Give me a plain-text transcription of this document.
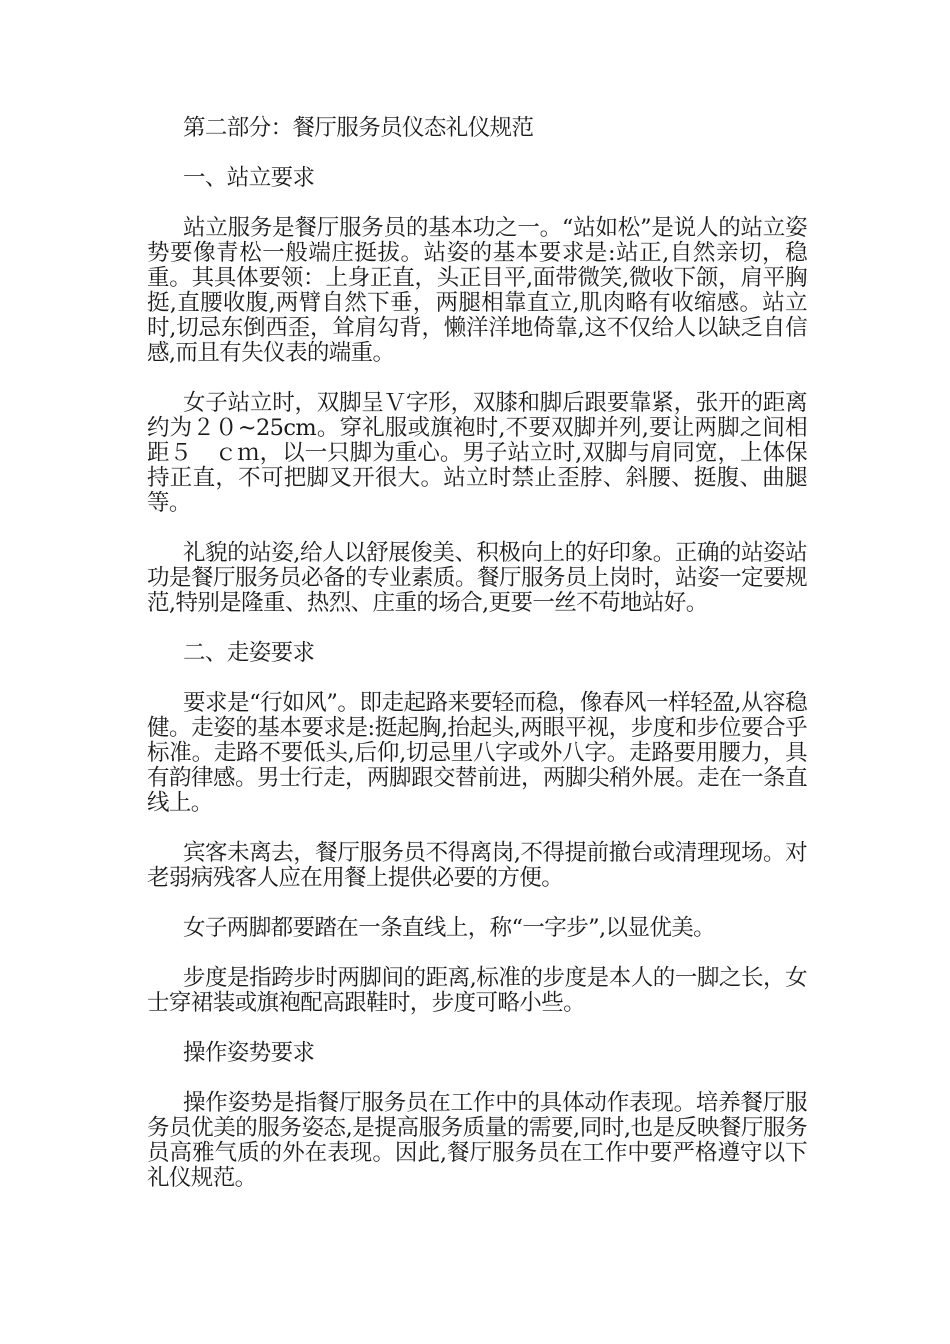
第二部分：餐厅服务员仪态礼仪规范
一、站立要求

站立服务是餐厅服务员的基本功之一。“站如松”是说人的站立姿势要像青松一般端庄挺拔。站姿的基本要求是:站正,自然亲切，稳重。其具体要领：上身正直，头正目平,面带微笑,微收下颌，肩平胸挺,直腰收腹,两臂自然下垂，两腿相靠直立,肌肉略有收缩感。站立时,切忌东倒西歪，耸肩勾背，懒洋洋地倚靠,这不仅给人以缺乏自信感,而且有失仪表的端重。

女子站立时，双脚呈Ｖ字形，双膝和脚后跟要靠紧，张开的距离约为２０~25cm。穿礼服或旗袍时,不要双脚并列,要让两脚之间相距５　ｃｍ，以一只脚为重心。男子站立时,双脚与肩同宽，上体保持正直，不可把脚叉开很大。站立时禁止歪脖、斜腰、挺腹、曲腿等。

礼貌的站姿,给人以舒展俊美、积极向上的好印象。正确的站姿站功是餐厅服务员必备的专业素质。餐厅服务员上岗时，站姿一定要规范,特别是隆重、热烈、庄重的场合,更要一丝不苟地站好。

二、走姿要求

要求是“行如风”。即走起路来要轻而稳，像春风一样轻盈,从容稳健。走姿的基本要求是:挺起胸,抬起头,两眼平视，步度和步位要合乎标准。走路不要低头,后仰,切忌里八字或外八字。走路要用腰力，具有韵律感。男士行走，两脚跟交替前进，两脚尖稍外展。走在一条直线上。

宾客未离去，餐厅服务员不得离岗,不得提前撤台或清理现场。对老弱病残客人应在用餐上提供必要的方便。

女子两脚都要踏在一条直线上，称“一字步”,以显优美。

步度是指跨步时两脚间的距离,标准的步度是本人的一脚之长，女士穿裙装或旗袍配高跟鞋时，步度可略小些。

操作姿势要求

操作姿势是指餐厅服务员在工作中的具体动作表现。培养餐厅服务员优美的服务姿态,是提高服务质量的需要,同时,也是反映餐厅服务员高雅气质的外在表现。因此,餐厅服务员在工作中要严格遵守以下礼仪规范。
